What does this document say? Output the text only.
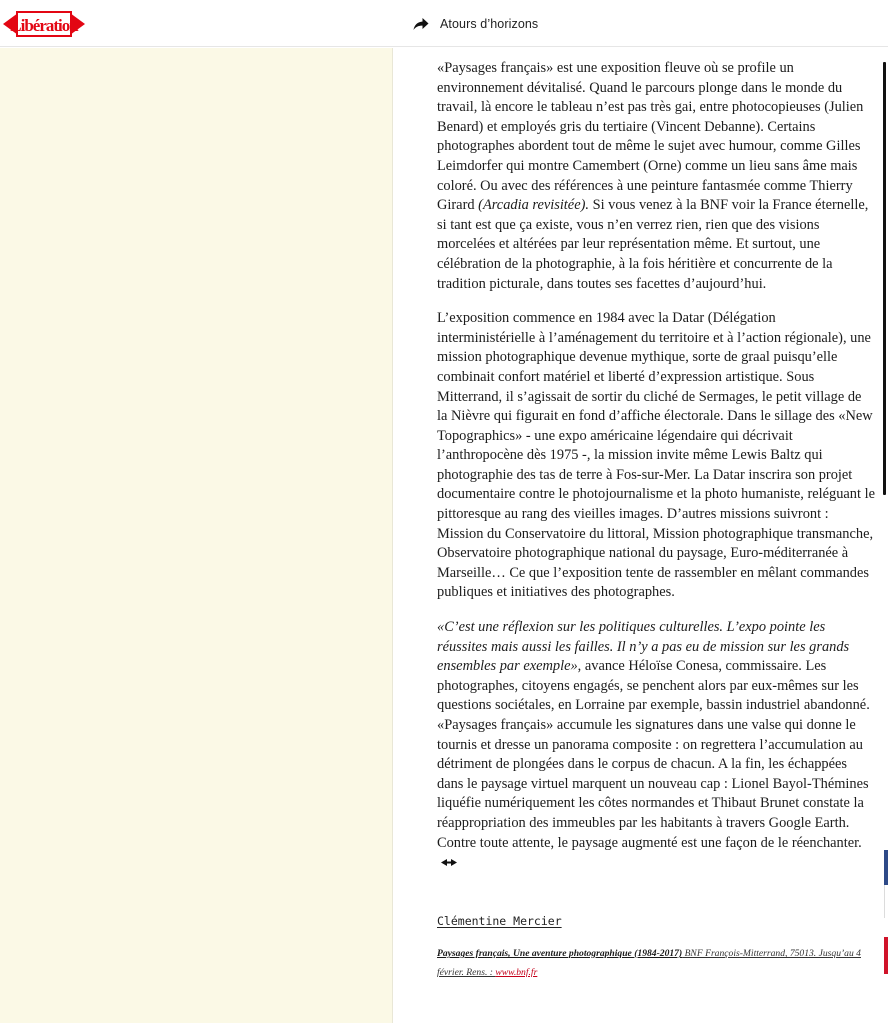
Libération	Atours d’horizons

«Paysages français» est une exposition fleuve où se profile un environnement dévitalisé. Quand le parcours plonge dans le monde du travail, là encore le tableau n’est pas très gai, entre photocopieuses (Julien Benard) et employés gris du tertiaire (Vincent Debanne). Certains photographes abordent tout de même le sujet avec humour, comme Gilles Leimdorfer qui montre Camembert (Orne) comme un lieu sans âme mais coloré. Ou avec des références à une peinture fantasmée comme Thierry Girard (Arcadia revisitée). Si vous venez à la BNF voir la France éternelle, si tant est que ça existe, vous n’en verrez rien, rien que des visions morcelées et altérées par leur représentation même. Et surtout, une célébration de la photographie, à la fois héritière et concurrente de la tradition picturale, dans toutes ses facettes d’aujourd’hui.

L’exposition commence en 1984 avec la Datar (Délégation interministérielle à l’aménagement du territoire et à l’action régionale), une mission photographique devenue mythique, sorte de graal puisqu’elle combinait confort matériel et liberté d’expression artistique. Sous Mitterrand, il s’agissait de sortir du cliché de Sermages, le petit village de la Nièvre qui figurait en fond d’affiche électorale. Dans le sillage des «New Topographics» - une expo américaine légendaire qui décrivait l’anthropocène dès 1975 -, la mission invite même Lewis Baltz qui photographie des tas de terre à Fos-sur-Mer. La Datar inscrira son projet documentaire contre le photojournalisme et la photo humaniste, reléguant le pittoresque au rang des vieilles images. D’autres missions suivront : Mission du Conservatoire du littoral, Mission photographique transmanche, Observatoire photographique national du paysage, Euro-méditerranée à Marseille… Ce que l’exposition tente de rassembler en mêlant commandes publiques et initiatives des photographes.

«C’est une réflexion sur les politiques culturelles. L’expo pointe les réussites mais aussi les failles. Il n’y a pas eu de mission sur les grands ensembles par exemple», avance Héloïse Conesa, commissaire. Les photographes, citoyens engagés, se penchent alors par eux-mêmes sur les questions sociétales, en Lorraine par exemple, bassin industriel abandonné. «Paysages français» accumule les signatures dans une valse qui donne le tournis et dresse un panorama composite : on regrettera l’accumulation au détriment de plongées dans le corpus de chacun. A la fin, les échappées dans le paysage virtuel marquent un nouveau cap : Lionel Bayol-Thémines liquéfie numériquement les côtes normandes et Thibaut Brunet constate la réappropriation des immeubles par les habitants à travers Google Earth. Contre toute attente, le paysage augmenté est une façon de le réenchanter.

Clémentine Mercier
Paysages français, Une aventure photographique (1984-2017) BNF François-Mitterrand, 75013. Jusqu’au 4 février. Rens. : www.bnf.fr
